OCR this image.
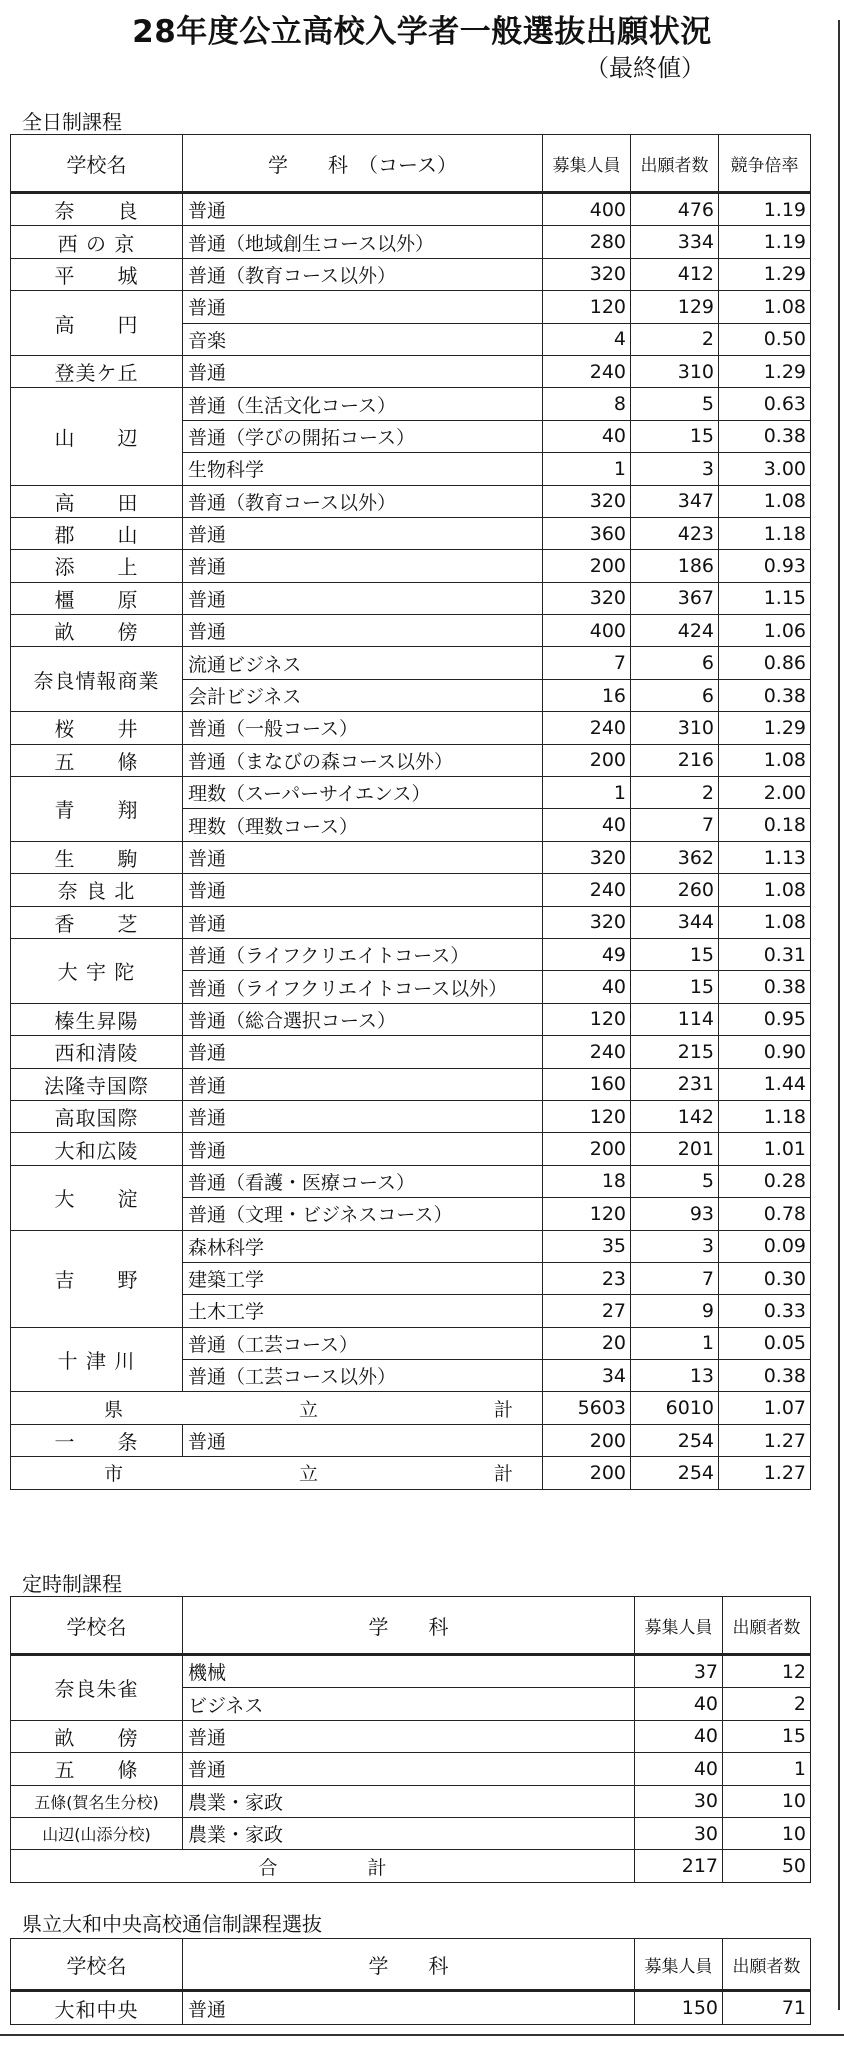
28年度公立高校入学者一般選抜出願状況
（最終値）
全日制課程
学校名	学　　科　（コース）	募集人員	出願者数	競争倍率
奈　　良	普通	400	476	1.19
西 の 京	普通（地域創生コース以外）	280	334	1.19
平　　城	普通（教育コース以外）	320	412	1.29
高　　円	普通	120	129	1.08
	音楽	4	2	0.50
登美ケ丘	普通	240	310	1.29
山　　辺	普通（生活文化コース）	8	5	0.63
	普通（学びの開拓コース）	40	15	0.38
	生物科学	1	3	3.00
高　　田	普通（教育コース以外）	320	347	1.08
郡　　山	普通	360	423	1.18
添　　上	普通	200	186	0.93
橿　　原	普通	320	367	1.15
畝　　傍	普通	400	424	1.06
奈良情報商業	流通ビジネス	7	6	0.86
	会計ビジネス	16	6	0.38
桜　　井	普通（一般コース）	240	310	1.29
五　　條	普通（まなびの森コース以外）	200	216	1.08
青　　翔	理数（スーパーサイエンス）	1	2	2.00
	理数（理数コース）	40	7	0.18
生　　駒	普通	320	362	1.13
奈 良 北	普通	240	260	1.08
香　　芝	普通	320	344	1.08
大 宇 陀	普通（ライフクリエイトコース）	49	15	0.31
	普通（ライフクリエイトコース以外）	40	15	0.38
榛生昇陽	普通（総合選択コース）	120	114	0.95
西和清陵	普通	240	215	0.90
法隆寺国際	普通	160	231	1.44
高取国際	普通	120	142	1.18
大和広陵	普通	200	201	1.01
大　　淀	普通（看護・医療コース）	18	5	0.28
	普通（文理・ビジネスコース）	120	93	0.78
吉　　野	森林科学	35	3	0.09
	建築工学	23	7	0.30
	土木工学	27	9	0.33
十 津 川	普通（工芸コース）	20	1	0.05
	普通（工芸コース以外）	34	13	0.38
県 立 計		5603	6010	1.07
一　　条	普通	200	254	1.27
市 立 計		200	254	1.27
定時制課程
学校名	学　　科	募集人員	出願者数
奈良朱雀	機械	37	12
	ビジネス	40	2
畝　　傍	普通	40	15
五　　條	普通	40	1
五條(賀名生分校)	農業・家政	30	10
山辺(山添分校)	農業・家政	30	10
合 計		217	50
県立大和中央高校通信制課程選抜
学校名	学　　科	募集人員	出願者数
大和中央	普通	150	71
